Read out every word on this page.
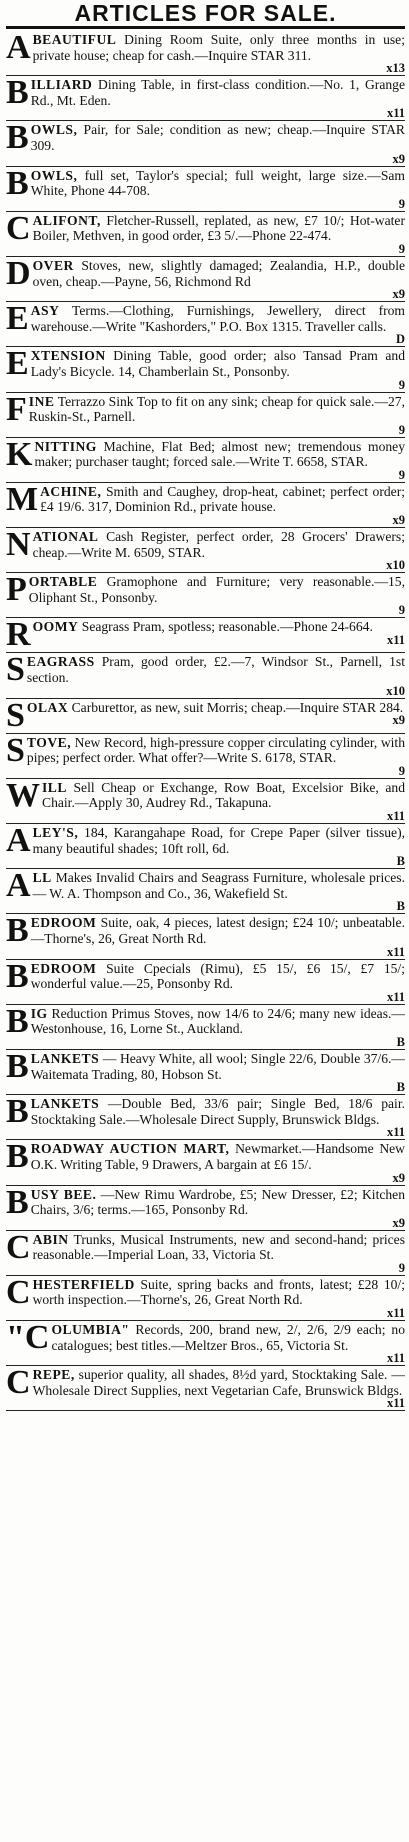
ARTICLES FOR SALE.

ABEAUTIFUL Dining Room Suite, only three months in use; private house; cheap for cash.—Inquire STAR 311.
x13

BILLIARD Dining Table, in first-class condition.—No. 1, Grange Rd., Mt. Eden.
x11

BOWLS, Pair, for Sale; condition as new; cheap.—Inquire STAR 309.
x9

BOWLS, full set, Taylor's special; full weight, large size.—Sam White, Phone 44-708.
9

CALIFONT, Fletcher-Russell, replated, as new, £7 10/; Hot-water Boiler, Methven, in good order, £3 5/.—Phone 22-474.
9

DOVER Stoves, new, slightly damaged; Zealandia, H.P., double oven, cheap.—Payne, 56, Richmond Rd
x9

EASY Terms.—Clothing, Furnishings, Jewellery, direct from warehouse.—Write "Kashorders," P.O. Box 1315. Traveller calls.
D

EXTENSION Dining Table, good order; also Tansad Pram and Lady's Bicycle. 14, Chamberlain St., Ponsonby.
9

FINE Terrazzo Sink Top to fit on any sink; cheap for quick sale.—27, Ruskin-St., Parnell.
9

KNITTING Machine, Flat Bed; almost new; tremendous money maker; purchaser taught; forced sale.—Write T. 6658, STAR.
9

MACHINE, Smith and Caughey, drop-heat, cabinet; perfect order; £4 19/6. 317, Dominion Rd., private house.
x9

NATIONAL Cash Register, perfect order, 28 Grocers' Drawers; cheap.—Write M. 6509, STAR.
x10

PORTABLE Gramophone and Furniture; very reasonable.—15, Oliphant St., Ponsonby.
9

ROOMY Seagrass Pram, spotless; reasonable.—Phone 24-664.
x11

SEAGRASS Pram, good order, £2.—7, Windsor St., Parnell, 1st section.
x10

SOLAX Carburettor, as new, suit Morris; cheap.—Inquire STAR 284.
x9

STOVE, New Record, high-pressure copper circulating cylinder, with pipes; perfect order. What offer?—Write S. 6178, STAR.
9

WILL Sell Cheap or Exchange, Row Boat, Excelsior Bike, and Chair.—Apply 30, Audrey Rd., Takapuna.
x11

ALEY'S, 184, Karangahape Road, for Crepe Paper (silver tissue), many beautiful shades; 10ft roll, 6d.
B

ALL Makes Invalid Chairs and Seagrass Furniture, wholesale prices. — W. A. Thompson and Co., 36, Wakefield St.
B

BEDROOM Suite, oak, 4 pieces, latest design; £24 10/; unbeatable.—Thorne's, 26, Great North Rd.
x11

BEDROOM Suite Cpecials (Rimu), £5 15/, £6 15/, £7 15/; wonderful value.—25, Ponsonby Rd.
x11

BIG Reduction Primus Stoves, now 14/6 to 24/6; many new ideas.—Westonhouse, 16, Lorne St., Auckland.
B

BLANKETS — Heavy White, all wool; Single 22/6, Double 37/6.—Waitemata Trading, 80, Hobson St.
B

BLANKETS —Double Bed, 33/6 pair; Single Bed, 18/6 pair. Stocktaking Sale.—Wholesale Direct Supply, Brunswick Bldgs.
x11

BROADWAY AUCTION MART, Newmarket.—Handsome New O.K. Writing Table, 9 Drawers, A bargain at £6 15/.
x9

BUSY BEE. —New Rimu Wardrobe, £5; New Dresser, £2; Kitchen Chairs, 3/6; terms.—165, Ponsonby Rd.
x9

CABIN Trunks, Musical Instruments, new and second-hand; prices reasonable.—Imperial Loan, 33, Victoria St.
9

CHESTERFIELD Suite, spring backs and fronts, latest; £28 10/; worth inspection.—Thorne's, 26, Great North Rd.
x11

"COLUMBIA" Records, 200, brand new, 2/, 2/6, 2/9 each; no catalogues; best titles.—Meltzer Bros., 65, Victoria St.
x11

CREPE, superior quality, all shades, 8½d yard, Stocktaking Sale. — Wholesale Direct Supplies, next Vegetarian Cafe, Brunswick Bldgs.
x11
